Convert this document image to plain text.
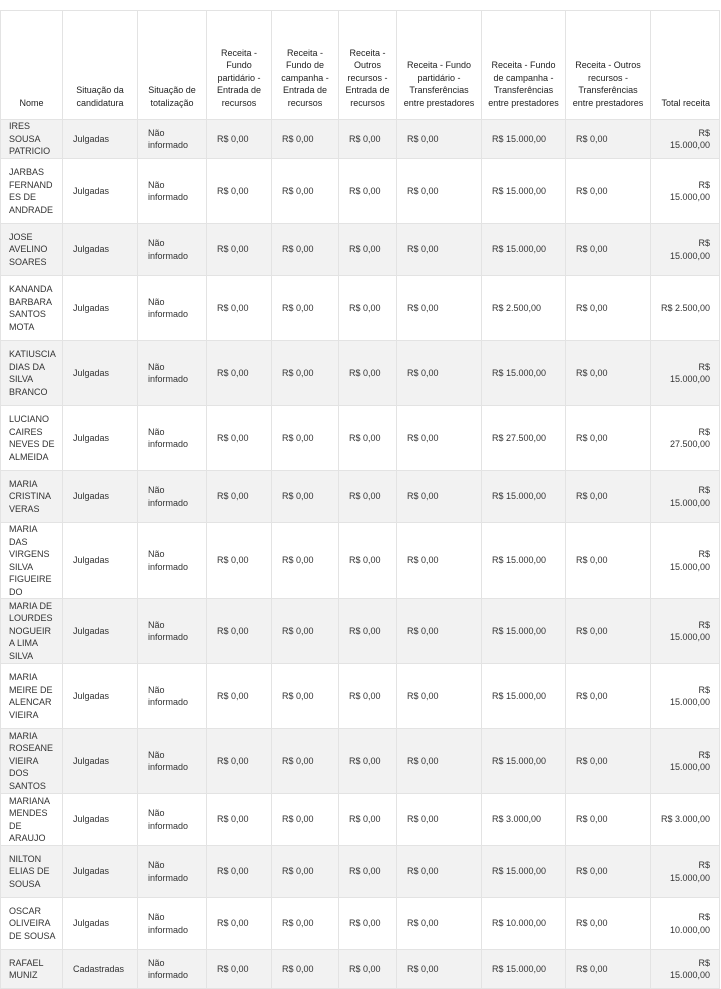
Nome	Situação da candidatura	Situação de totalização	Receita - Fundo partidário - Entrada de recursos	Receita - Fundo de campanha - Entrada de recursos	Receita - Outros recursos - Entrada de recursos	Receita - Fundo partidário - Transferências entre prestadores	Receita - Fundo de campanha - Transferências entre prestadores	Receita - Outros recursos - Transferências entre prestadores	Total receita
IRES SOUSA PATRICIO	Julgadas	Não informado	R$ 0,00	R$ 0,00	R$ 0,00	R$ 0,00	R$ 15.000,00	R$ 0,00	R$ 15.000,00
JARBAS FERNANDES DE ANDRADE	Julgadas	Não informado	R$ 0,00	R$ 0,00	R$ 0,00	R$ 0,00	R$ 15.000,00	R$ 0,00	R$ 15.000,00
JOSE AVELINO SOARES	Julgadas	Não informado	R$ 0,00	R$ 0,00	R$ 0,00	R$ 0,00	R$ 15.000,00	R$ 0,00	R$ 15.000,00
KANANDA BARBARA SANTOS MOTA	Julgadas	Não informado	R$ 0,00	R$ 0,00	R$ 0,00	R$ 0,00	R$ 2.500,00	R$ 0,00	R$ 2.500,00
KATIUSCIA DIAS DA SILVA BRANCO	Julgadas	Não informado	R$ 0,00	R$ 0,00	R$ 0,00	R$ 0,00	R$ 15.000,00	R$ 0,00	R$ 15.000,00
LUCIANO CAIRES NEVES DE ALMEIDA	Julgadas	Não informado	R$ 0,00	R$ 0,00	R$ 0,00	R$ 0,00	R$ 27.500,00	R$ 0,00	R$ 27.500,00
MARIA CRISTINA VERAS	Julgadas	Não informado	R$ 0,00	R$ 0,00	R$ 0,00	R$ 0,00	R$ 15.000,00	R$ 0,00	R$ 15.000,00
MARIA DAS VIRGENS SILVA FIGUEIREDO	Julgadas	Não informado	R$ 0,00	R$ 0,00	R$ 0,00	R$ 0,00	R$ 15.000,00	R$ 0,00	R$ 15.000,00
MARIA DE LOURDES NOGUEIRA LIMA SILVA	Julgadas	Não informado	R$ 0,00	R$ 0,00	R$ 0,00	R$ 0,00	R$ 15.000,00	R$ 0,00	R$ 15.000,00
MARIA MEIRE DE ALENCAR VIEIRA	Julgadas	Não informado	R$ 0,00	R$ 0,00	R$ 0,00	R$ 0,00	R$ 15.000,00	R$ 0,00	R$ 15.000,00
MARIA ROSEANE VIEIRA DOS SANTOS	Julgadas	Não informado	R$ 0,00	R$ 0,00	R$ 0,00	R$ 0,00	R$ 15.000,00	R$ 0,00	R$ 15.000,00
MARIANA MENDES DE ARAUJO	Julgadas	Não informado	R$ 0,00	R$ 0,00	R$ 0,00	R$ 0,00	R$ 3.000,00	R$ 0,00	R$ 3.000,00
NILTON ELIAS DE SOUSA	Julgadas	Não informado	R$ 0,00	R$ 0,00	R$ 0,00	R$ 0,00	R$ 15.000,00	R$ 0,00	R$ 15.000,00
OSCAR OLIVEIRA DE SOUSA	Julgadas	Não informado	R$ 0,00	R$ 0,00	R$ 0,00	R$ 0,00	R$ 10.000,00	R$ 0,00	R$ 10.000,00
RAFAEL MUNIZ	Cadastradas	Não informado	R$ 0,00	R$ 0,00	R$ 0,00	R$ 0,00	R$ 15.000,00	R$ 0,00	R$ 15.000,00
